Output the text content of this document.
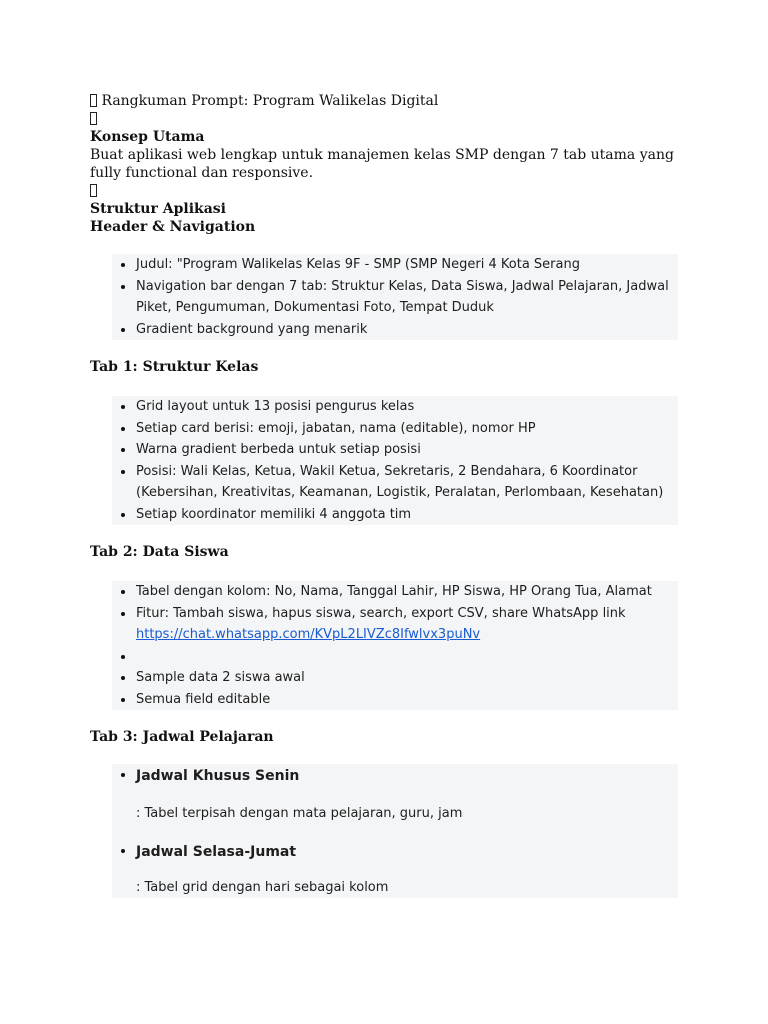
Rangkuman Prompt: Program Walikelas Digital
Konsep Utama
Buat aplikasi web lengkap untuk manajemen kelas SMP dengan 7 tab utama yang fully functional dan responsive.
Struktur Aplikasi
Header & Navigation
Judul: "Program Walikelas Kelas 9F - SMP (SMP Negeri 4 Kota Serang
Navigation bar dengan 7 tab: Struktur Kelas, Data Siswa, Jadwal Pelajaran, Jadwal Piket, Pengumuman, Dokumentasi Foto, Tempat Duduk
Gradient background yang menarik
Tab 1: Struktur Kelas
Grid layout untuk 13 posisi pengurus kelas
Setiap card berisi: emoji, jabatan, nama (editable), nomor HP
Warna gradient berbeda untuk setiap posisi
Posisi: Wali Kelas, Ketua, Wakil Ketua, Sekretaris, 2 Bendahara, 6 Koordinator (Kebersihan, Kreativitas, Keamanan, Logistik, Peralatan, Perlombaan, Kesehatan)
Setiap koordinator memiliki 4 anggota tim
Tab 2: Data Siswa
Tabel dengan kolom: No, Nama, Tanggal Lahir, HP Siswa, HP Orang Tua, Alamat
Fitur: Tambah siswa, hapus siswa, search, export CSV, share WhatsApp link
https://chat.whatsapp.com/KVpL2LIVZc8Ifwlvx3puNv

Sample data 2 siswa awal
Semua field editable
Tab 3: Jadwal Pelajaran
Jadwal Khusus Senin
: Tabel terpisah dengan mata pelajaran, guru, jam
Jadwal Selasa-Jumat
: Tabel grid dengan hari sebagai kolom
